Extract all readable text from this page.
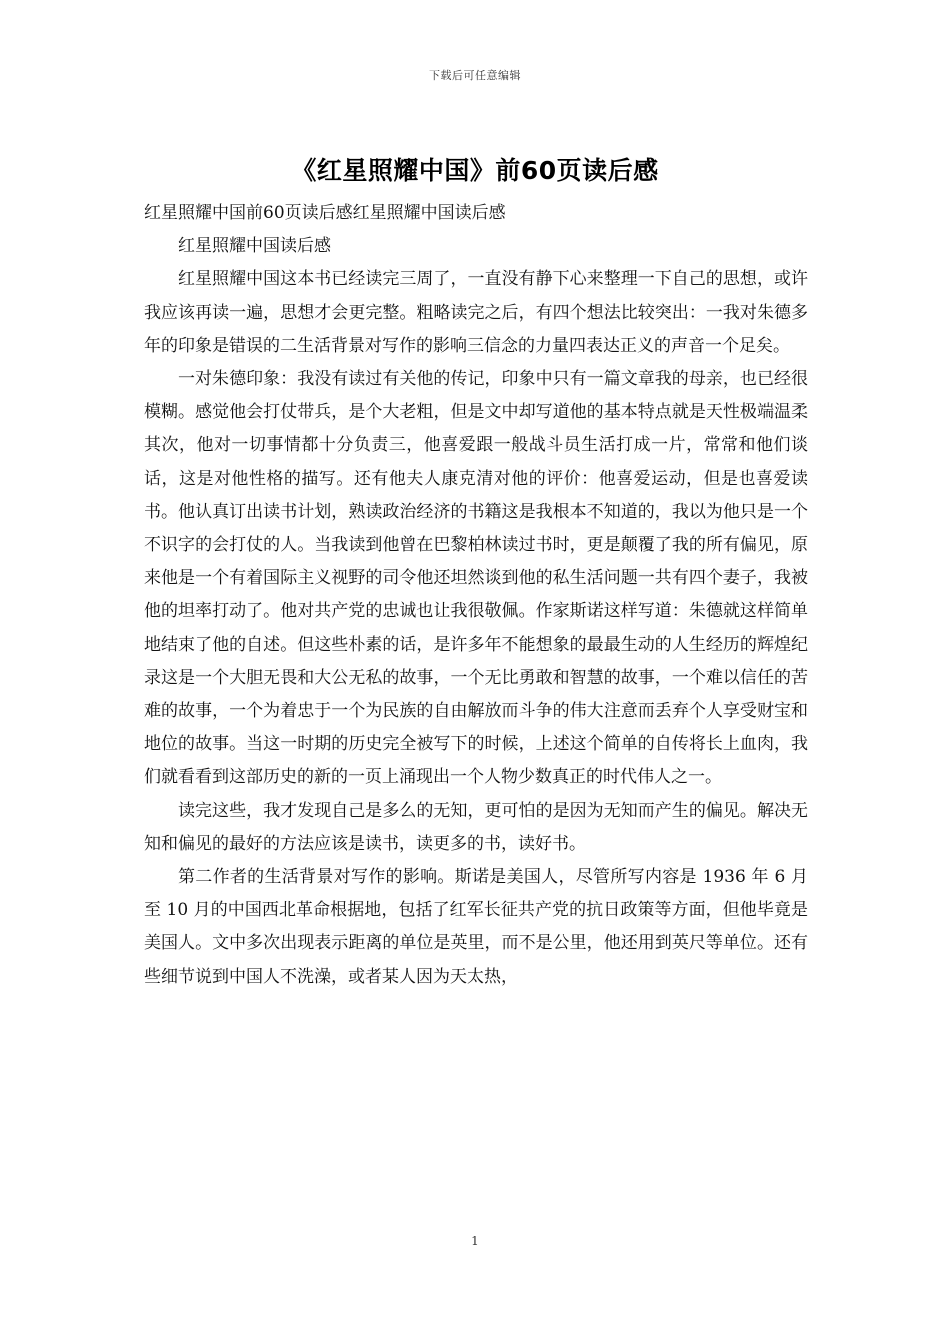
下载后可任意编辑
《红星照耀中国》前60页读后感

红星照耀中国前60页读后感红星照耀中国读后感

红星照耀中国读后感

红星照耀中国这本书已经读完三周了，一直没有静下心来整理一下自己的思想，或许我应该再读一遍，思想才会更完整。粗略读完之后，有四个想法比较突出：一我对朱德多年的印象是错误的二生活背景对写作的影响三信念的力量四表达正义的声音一个足矣。

一对朱德印象：我没有读过有关他的传记，印象中只有一篇文章我的母亲，也已经很模糊。感觉他会打仗带兵，是个大老粗，但是文中却写道他的基本特点就是天性极端温柔其次，他对一切事情都十分负责三，他喜爱跟一般战斗员生活打成一片，常常和他们谈话，这是对他性格的描写。还有他夫人康克清对他的评价：他喜爱运动，但是也喜爱读书。他认真订出读书计划，熟读政治经济的书籍这是我根本不知道的，我以为他只是一个不识字的会打仗的人。当我读到他曾在巴黎柏林读过书时，更是颠覆了我的所有偏见，原来他是一个有着国际主义视野的司令他还坦然谈到他的私生活问题一共有四个妻子，我被他的坦率打动了。他对共产党的忠诚也让我很敬佩。作家斯诺这样写道：朱德就这样简单地结束了他的自述。但这些朴素的话，是许多年不能想象的最最生动的人生经历的辉煌纪录这是一个大胆无畏和大公无私的故事，一个无比勇敢和智慧的故事，一个难以信任的苦难的故事，一个为着忠于一个为民族的自由解放而斗争的伟大注意而丢弃个人享受财宝和地位的故事。当这一时期的历史完全被写下的时候，上述这个简单的自传将长上血肉，我们就看看到这部历史的新的一页上涌现出一个人物少数真正的时代伟人之一。

读完这些，我才发现自己是多么的无知，更可怕的是因为无知而产生的偏见。解决无知和偏见的最好的方法应该是读书，读更多的书，读好书。

第二作者的生活背景对写作的影响。斯诺是美国人，尽管所写内容是 1936 年 6 月至 10 月的中国西北革命根据地，包括了红军长征共产党的抗日政策等方面，但他毕竟是美国人。文中多次出现表示距离的单位是英里，而不是公里，他还用到英尺等单位。还有些细节说到中国人不洗澡，或者某人因为天太热，

1
